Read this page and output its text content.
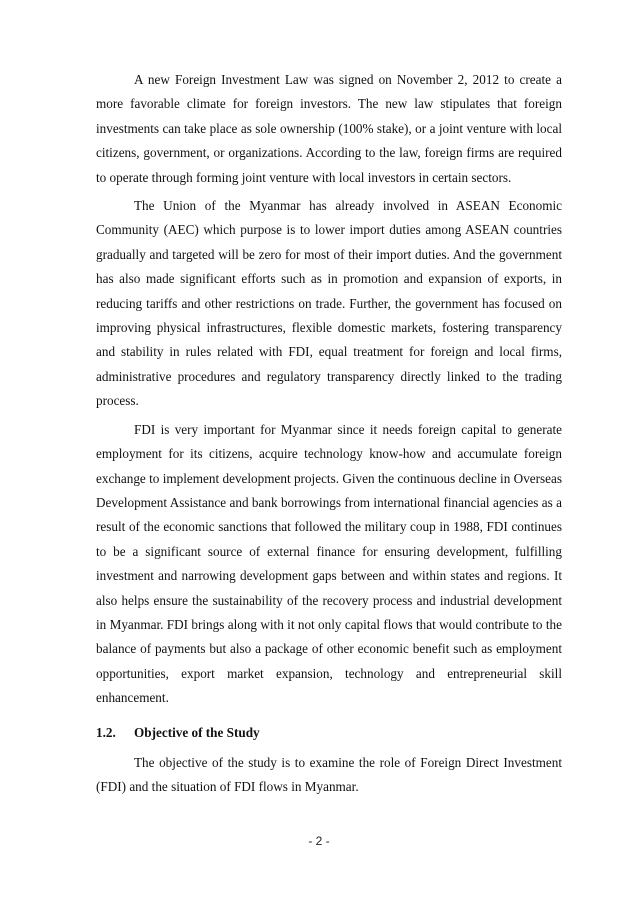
A new Foreign Investment Law was signed on November 2, 2012 to create a more favorable climate for foreign investors. The new law stipulates that foreign investments can take place as sole ownership (100% stake), or a joint venture with local citizens, government, or organizations. According to the law, foreign firms are required to operate through forming joint venture with local investors in certain sectors.

The Union of the Myanmar has already involved in ASEAN Economic Community (AEC) which purpose is to lower import duties among ASEAN countries gradually and targeted will be zero for most of their import duties. And the government has also made significant efforts such as in promotion and expansion of exports, in reducing tariffs and other restrictions on trade. Further, the government has focused on improving physical infrastructures, flexible domestic markets, fostering transparency and stability in rules related with FDI, equal treatment for foreign and local firms, administrative procedures and regulatory transparency directly linked to the trading process.

FDI is very important for Myanmar since it needs foreign capital to generate employment for its citizens, acquire technology know-how and accumulate foreign exchange to implement development projects. Given the continuous decline in Overseas Development Assistance and bank borrowings from international financial agencies as a result of the economic sanctions that followed the military coup in 1988, FDI continues to be a significant source of external finance for ensuring development, fulfilling investment and narrowing development gaps between and within states and regions. It also helps ensure the sustainability of the recovery process and industrial development in Myanmar. FDI brings along with it not only capital flows that would contribute to the balance of payments but also a package of other economic benefit such as employment opportunities, export market expansion, technology and entrepreneurial skill enhancement.

1.2.	Objective of the Study

The objective of the study is to examine the role of Foreign Direct Investment (FDI) and the situation of FDI flows in Myanmar.

- 2 -
